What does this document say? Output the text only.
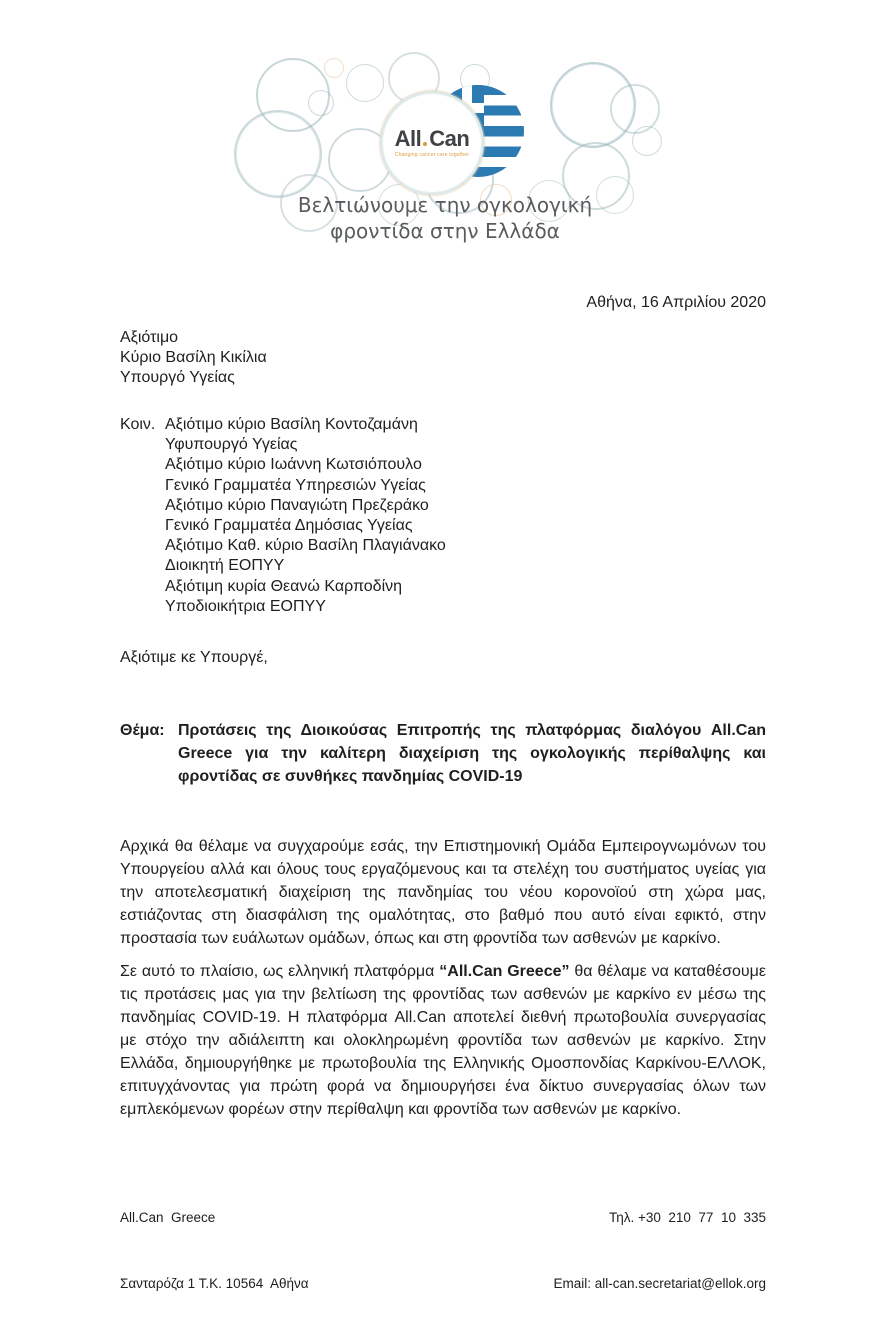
All Can
Changing cancer care together
Βελτιώνουμε την ογκολογική
φροντίδα στην Ελλάδα
Αθήνα, 16 Απριλίου 2020
Αξιότιμο
Κύριο Βασίλη Κικίλια
Υπουργό Υγείας
Κοιν. Αξιότιμο κύριο Βασίλη Κοντοζαμάνη
Υφυπουργό Υγείας
Αξιότιμο κύριο Ιωάννη Κωτσιόπουλο
Γενικό Γραμματέα Υπηρεσιών Υγείας
Αξιότιμο κύριο Παναγιώτη Πρεζεράκο
Γενικό Γραμματέα Δημόσιας Υγείας
Αξιότιμο Καθ. κύριο Βασίλη Πλαγιάνακο
Διοικητή ΕΟΠΥΥ
Αξιότιμη κυρία Θεανώ Καρποδίνη
Υποδιοικήτρια ΕΟΠΥΥ
Αξιότιμε κε Υπουργέ,
Θέμα: Προτάσεις της Διοικούσας Επιτροπής της πλατφόρμας διαλόγου All.Can Greece για την καλίτερη διαχείριση της ογκολογικής περίθαλψης και φροντίδας σε συνθήκες πανδημίας COVID-19
Αρχικά θα θέλαμε να συγχαρούμε εσάς, την Επιστημονική Ομάδα Εμπειρογνωμόνων του Υπουργείου αλλά και όλους τους εργαζόμενους και τα στελέχη του συστήματος υγείας για την αποτελεσματική διαχείριση της πανδημίας του νέου κορονοϊού στη χώρα μας, εστιάζοντας στη διασφάλιση της ομαλότητας, στο βαθμό που αυτό είναι εφικτό, στην προστασία των ευάλωτων ομάδων, όπως και στη φροντίδα των ασθενών με καρκίνο.
Σε αυτό το πλαίσιο, ως ελληνική πλατφόρμα “All.Can Greece” θα θέλαμε να καταθέσουμε τις προτάσεις μας για την βελτίωση της φροντίδας των ασθενών με καρκίνο εν μέσω της πανδημίας COVID-19. Η πλατφόρμα All.Can αποτελεί διεθνή πρωτοβουλία συνεργασίας με στόχο την αδιάλειπτη και ολοκληρωμένη φροντίδα των ασθενών με καρκίνο. Στην Ελλάδα, δημιουργήθηκε με πρωτοβουλία της Ελληνικής Ομοσπονδίας Καρκίνου-ΕΛΛΟΚ, επιτυγχάνοντας για πρώτη φορά να δημιουργήσει ένα δίκτυο συνεργασίας όλων των εμπλεκόμενων φορέων στην περίθαλψη και φροντίδα των ασθενών με καρκίνο.

All.Can  Greece

Σανταρόζα 1 Τ.Κ. 10564  Αθήνα

Τηλ. +30  210  77  10  335

Email: all-can.secretariat@ellok.org
